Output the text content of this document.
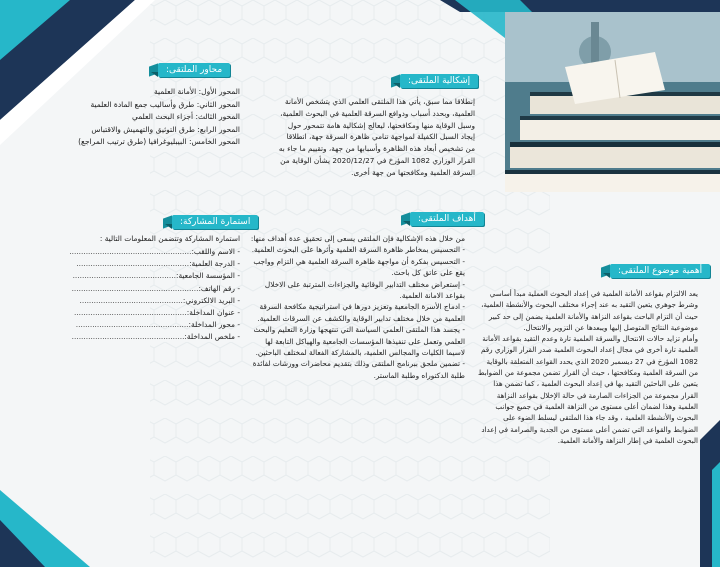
محاور الملتقى:
المحور الأول: الأمانة العلمية
المحور الثاني: طرق وأساليب جمع المادة العلمية
المحور الثالث: أجزاء البحث العلمي
المحور الرابع: طرق التوثيق والتهميش والاقتباس
المحور الخامس: البيبليوغرافيا (طرق ترتيب المراجع)
استمارة المشاركة:
استمارة المشاركة وتتضمن المعلومات التالية :
- الاسم واللقب:....................................................
- الدرجة العلمية:................................................
- المؤسسة الجامعية:............................................
- رقم الهاتف:......................................................
- البريد الالكتروني:............................................
- عنوان المداخلة:................................................
- محور المداخلة:................................................
- ملخص المداخلة:................................................
إشكالية الملتقى:

إنطلاقا مما سبق، يأتي هذا الملتقى العلمي الذي يتشخص الأمانة العلمية، وبحدد أسباب ودوافع السرقة العلمية في البحوث العلمية، وسبل الوقاية منها ومكافحتها، ليعالج إشكالية هامة تتمحور حول إيجاد السبل الكفيلة لمواجهة تنامي ظاهرة السرقة جهة، انطلاقا من تشخيص أبعاد هذه الظاهرة وأسبابها من جهة، وتقييم ما جاء به القرار الوزاري 1082 المؤرخ في 2020/12/27 يشأن الوقاية من السرقة العلمية ومكافحتها من جهة أخرى.

أهداف الملتقى:

من خلال هذه الإشكالية فإن الملتقى يسعى إلى تحقيق عدة أهداف منها:

- التحسيس بمخاطر ظاهرة السرقة العلمية وأثرها على البحوث العلمية.
- التحسيس بفكرة أن مواجهة ظاهرة السرقة العلمية هي التزام وواجب يقع على عاتق كل باحث.
- إستعراض مختلف التدابير الوقائية والجزاءات المترتبة على الاخلال بقواعد الامانة العلمية.
- ادماج الأسرة الجامعية وتعزيز دورها في استراتيجية مكافحة السرقة العلمية من خلال مختلف تدابير الوقاية والكشف عن السرقات العلمية.
- يجسد هذا الملتقى العلمي السياسة التي تنتهجها وزارة التعليم والبحث العلمي وتعمل على تنفيذها المؤسسات الجامعية والهياكل التابعة لها لاسيما الكليات والمجالس العلمية، بالمشاركة الفعالة لمختلف الباحثين.
- تضمين ملحق ببرنامج الملتقى وذلك بتقديم محاضرات وورشات لفائدة طلبة الدكتوراه وطلبة الماستر.
أهمية موضوع الملتقى:

يعد الالتزام بقواعد الأمانة العلمية في إعداد البحوث العملية مبدأ أساسي وشرط جوهري يتعين التقيد به عند إجراء مختلف البحوث والأنشطة العلمية، حيث أن التزام الباحث بقواعد النزاهة والأمانة العلمية يضمن إلى حد كبير موضوعية النتائج المتوصل إليها ويبعدها عن التزوير والانتحال.

وأمام تزايد حالات الانتحال والسرقة العلمية تارة وعدم التقيد بقواعد الأمانة العلمية تارة أخرى في مجال إعداد البحوث العلمية صدر القرار الوزاري رقم 1082 المؤرخ في 27 ديسمبر 2020 الذي يحدد القواعد المتعلقة بالوقاية من السرقة العلمية ومكافحتها ، حيث أن القرار تضمن مجموعة من الضوابط يتعين على الباحثين التقيد بها في إعداد البحوث العلمية ، كما تضمن هذا القرار مجموعة من الجزاءات الصارمة في حالة الإخلال بقواعد النزاهة العلمية وهذا لضمان أعلى مستوى من النزاهة العلمية في جميع جوانب البحوث والأنشطة العلمية ، وقد جاء هذا الملتقى ليسلط الضوء على الضوابط والقواعد التي تضمن أعلى مستوى من الجدية والصرامة في إعداد البحوث العلمية في إطار النزاهة والأمانة العلمية.
